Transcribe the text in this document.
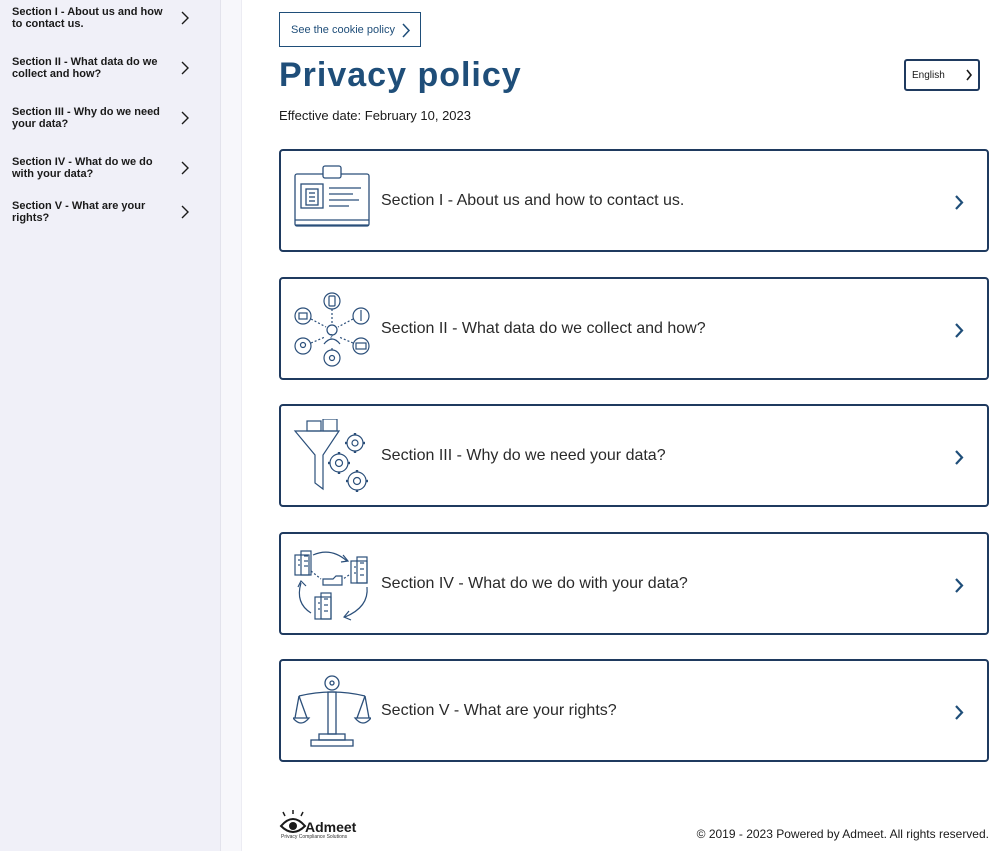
Section I - About us and how to contact us.
Section II - What data do we collect and how?
Section III - Why do we need your data?
Section IV - What do we do with your data?
Section V - What are your rights?
See the cookie policy
Privacy policy	English
Effective date: February 10, 2023
Section I - About us and how to contact us.
?
Section II - What data do we collect and how?
Section III - Why do we need your data?
Section IV - What do we do with your data?
Section V - What are your rights?
Admeet
Privacy Compliance Solutions	© 2019 - 2023 Powered by Admeet. All rights reserved.
